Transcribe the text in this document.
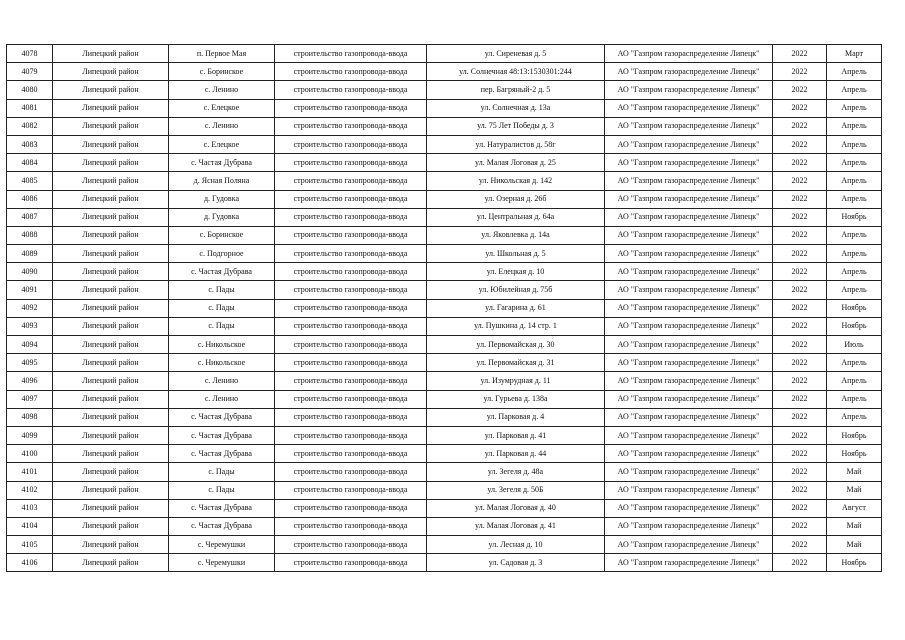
4078	Липецкий район	п. Первое Мая	строительство газопровода-ввода	ул. Сиреневая д. 5	АО "Газпром газораспределение Липецк"	2022	Март
4079	Липецкий район	с. Боринское	строительство газопровода-ввода	ул. Солнечная 48:13:1530301:244	АО "Газпром газораспределение Липецк"	2022	Апрель
4080	Липецкий район	с. Ленино	строительство газопровода-ввода	пер. Багряный-2 д. 5	АО "Газпром газораспределение Липецк"	2022	Апрель
4081	Липецкий район	с. Елецкое	строительство газопровода-ввода	ул. Солнечная д. 13а	АО "Газпром газораспределение Липецк"	2022	Апрель
4082	Липецкий район	с. Ленино	строительство газопровода-ввода	ул. 75 Лет Победы д. 3	АО "Газпром газораспределение Липецк"	2022	Апрель
4083	Липецкий район	с. Елецкое	строительство газопровода-ввода	ул. Натуралистов д. 58г	АО "Газпром газораспределение Липецк"	2022	Апрель
4084	Липецкий район	с. Частая Дубрава	строительство газопровода-ввода	ул. Малая Логовая д. 25	АО "Газпром газораспределение Липецк"	2022	Апрель
4085	Липецкий район	д. Ясная Поляна	строительство газопровода-ввода	ул. Никольская д. 142	АО "Газпром газораспределение Липецк"	2022	Апрель
4086	Липецкий район	д. Гудовка	строительство газопровода-ввода	ул. Озерная д. 26б	АО "Газпром газораспределение Липецк"	2022	Апрель
4087	Липецкий район	д. Гудовка	строительство газопровода-ввода	ул. Центральная д. 64а	АО "Газпром газораспределение Липецк"	2022	Ноябрь
4088	Липецкий район	с. Боринское	строительство газопровода-ввода	ул. Яковлевка д. 14а	АО "Газпром газораспределение Липецк"	2022	Апрель
4089	Липецкий район	с. Подгорное	строительство газопровода-ввода	ул. Школьная д. 5	АО "Газпром газораспределение Липецк"	2022	Апрель
4090	Липецкий район	с. Частая Дубрава	строительство газопровода-ввода	ул. Елецкая д. 10	АО "Газпром газораспределение Липецк"	2022	Апрель
4091	Липецкий район	с. Пады	строительство газопровода-ввода	ул. Юбилейная д. 75б	АО "Газпром газораспределение Липецк"	2022	Апрель
4092	Липецкий район	с. Пады	строительство газопровода-ввода	ул. Гагарина д. 61	АО "Газпром газораспределение Липецк"	2022	Ноябрь
4093	Липецкий район	с. Пады	строительство газопровода-ввода	ул. Пушкина д. 14 стр. 1	АО "Газпром газораспределение Липецк"	2022	Ноябрь
4094	Липецкий район	с. Никольское	строительство газопровода-ввода	ул. Первомайская д. 30	АО "Газпром газораспределение Липецк"	2022	Июль
4095	Липецкий район	с. Никольское	строительство газопровода-ввода	ул. Первомайская д. 31	АО "Газпром газораспределение Липецк"	2022	Апрель
4096	Липецкий район	с. Ленино	строительство газопровода-ввода	ул. Изумрудная д. 11	АО "Газпром газораспределение Липецк"	2022	Апрель
4097	Липецкий район	с. Ленино	строительство газопровода-ввода	ул. Гурьева д. 138а	АО "Газпром газораспределение Липецк"	2022	Апрель
4098	Липецкий район	с. Частая Дубрава	строительство газопровода-ввода	ул. Парковая д. 4	АО "Газпром газораспределение Липецк"	2022	Апрель
4099	Липецкий район	с. Частая Дубрава	строительство газопровода-ввода	ул. Парковая д. 41	АО "Газпром газораспределение Липецк"	2022	Ноябрь
4100	Липецкий район	с. Частая Дубрава	строительство газопровода-ввода	ул. Парковая д. 44	АО "Газпром газораспределение Липецк"	2022	Ноябрь
4101	Липецкий район	с. Пады	строительство газопровода-ввода	ул. Зегеля д. 48а	АО "Газпром газораспределение Липецк"	2022	Май
4102	Липецкий район	с. Пады	строительство газопровода-ввода	ул. Зегеля д. 50Б	АО "Газпром газораспределение Липецк"	2022	Май
4103	Липецкий район	с. Частая Дубрава	строительство газопровода-ввода	ул. Малая Логовая д. 40	АО "Газпром газораспределение Липецк"	2022	Август
4104	Липецкий район	с. Частая Дубрава	строительство газопровода-ввода	ул. Малая Логовая д. 41	АО "Газпром газораспределение Липецк"	2022	Май
4105	Липецкий район	с. Черемушки	строительство газопровода-ввода	ул. Лесная д. 10	АО "Газпром газораспределение Липецк"	2022	Май
4106	Липецкий район	с. Черемушки	строительство газопровода-ввода	ул. Садовая д. 3	АО "Газпром газораспределение Липецк"	2022	Ноябрь
